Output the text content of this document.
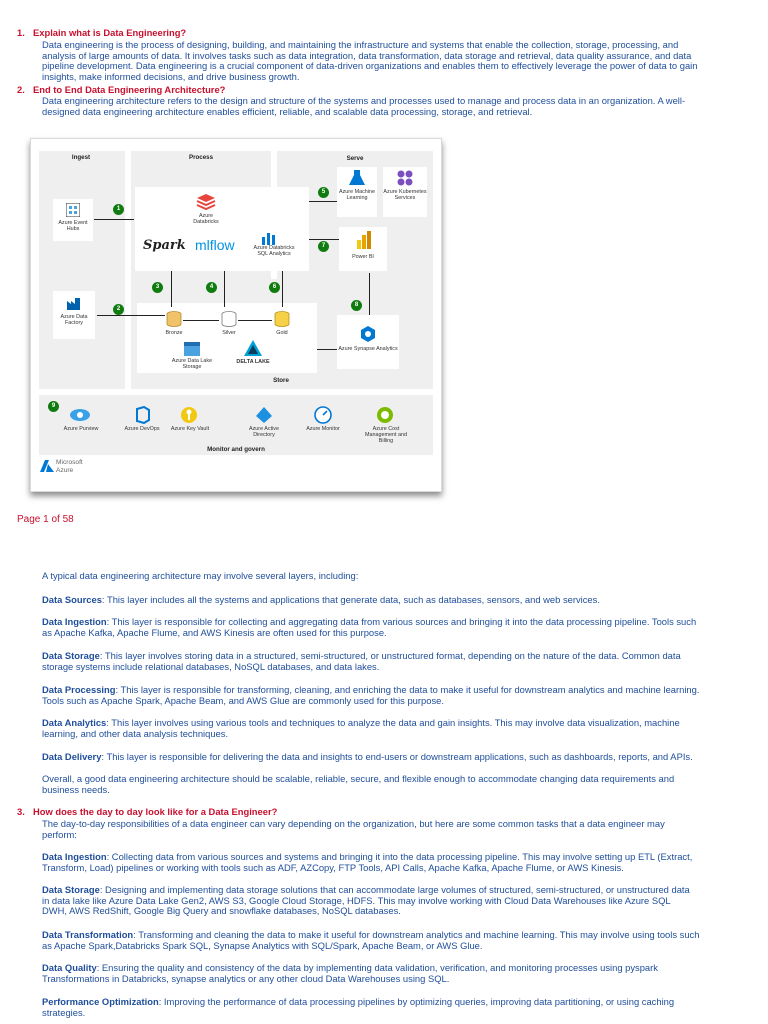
1. Explain what is Data Engineering?
Data engineering is the process of designing, building, and maintaining the infrastructure and systems that enable the collection, storage, processing, and
analysis of large amounts of data. It involves tasks such as data integration, data transformation, data storage and retrieval, data quality assurance, and data
pipeline development. Data engineering is a crucial component of data-driven organizations and enables them to effectively leverage the power of data to gain
insights, make informed decisions, and drive business growth.
2. End to End Data Engineering Architecture?
Data engineering architecture refers to the design and structure of the systems and processes used to manage and process data in an organization. A well-
designed data engineering architecture enables efficient, reliable, and scalable data processing, storage, and retrieval.
Ingest	Process	Serve
Store
Monitor and govern
Azure Event Hubs
Azure Data Factory
Azure Databricks
Spark mlflow	Azure Databricks SQL Analytics
Azure Machine Learning
Azure Kubernetes Services
Power BI
Bronze	Silver	Gold
Azure Data Lake Storage
DELTA LAKE
Azure Synapse Analytics
1
2
3	4
5
6
7
8
9
Azure Purview	Azure DevOps	Azure Key Vault	Azure Active Directory
Azure Monitor	Azure Cost Management and Billing
Microsoft
Azure
Page 1 of 58
A typical data engineering architecture may involve several layers, including:
Data Sources: This layer includes all the systems and applications that generate data, such as databases, sensors, and web services.
Data Ingestion: This layer is responsible for collecting and aggregating data from various sources and bringing it into the data processing pipeline. Tools such
as Apache Kafka, Apache Flume, and AWS Kinesis are often used for this purpose.
Data Storage: This layer involves storing data in a structured, semi-structured, or unstructured format, depending on the nature of the data. Common data
storage systems include relational databases, NoSQL databases, and data lakes.
Data Processing: This layer is responsible for transforming, cleaning, and enriching the data to make it useful for downstream analytics and machine learning.
Tools such as Apache Spark, Apache Beam, and AWS Glue are commonly used for this purpose.
Data Analytics: This layer involves using various tools and techniques to analyze the data and gain insights. This may involve data visualization, machine
learning, and other data analysis techniques.
Data Delivery: This layer is responsible for delivering the data and insights to end-users or downstream applications, such as dashboards, reports, and APIs.
Overall, a good data engineering architecture should be scalable, reliable, secure, and flexible enough to accommodate changing data requirements and
business needs.
3. How does the day to day look like for a Data Engineer?
The day-to-day responsibilities of a data engineer can vary depending on the organization, but here are some common tasks that a data engineer may
perform:
Data Ingestion: Collecting data from various sources and systems and bringing it into the data processing pipeline. This may involve setting up ETL (Extract,
Transform, Load) pipelines or working with tools such as ADF, AZCopy, FTP Tools, API Calls, Apache Kafka, Apache Flume, or AWS Kinesis.
Data Storage: Designing and implementing data storage solutions that can accommodate large volumes of structured, semi-structured, or unstructured data
in data lake like Azure Data Lake Gen2, AWS S3, Google Cloud Storage, HDFS. This may involve working with Cloud Data Warehouses like Azure SQL
DWH, AWS RedShift, Google Big Query and snowflake databases, NoSQL databases.
Data Transformation: Transforming and cleaning the data to make it useful for downstream analytics and machine learning. This may involve using tools such
as Apache Spark,Databricks Spark SQL, Synapse Analytics with SQL/Spark, Apache Beam, or AWS Glue.
Data Quality: Ensuring the quality and consistency of the data by implementing data validation, verification, and monitoring processes using pyspark
Transformations in Databricks, synapse analytics or any other cloud Data Warehouses using SQL.
Performance Optimization: Improving the performance of data processing pipelines by optimizing queries, improving data partitioning, or using caching
strategies.
